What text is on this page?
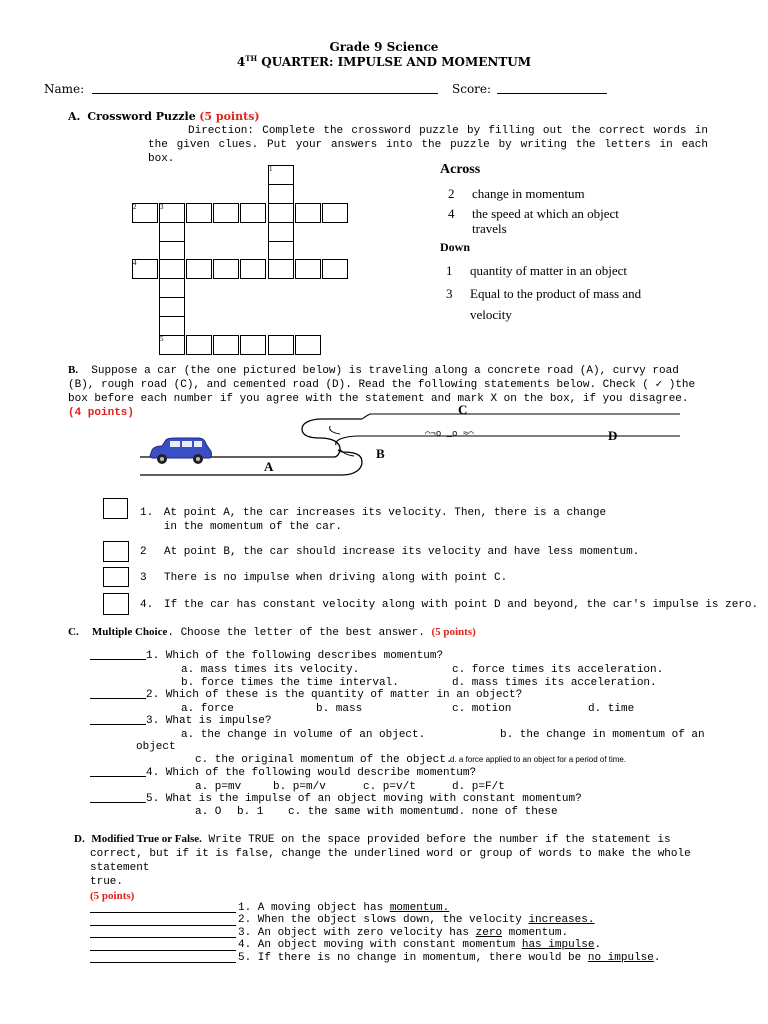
Grade 9 Science
4TH QUARTER: IMPULSE AND MOMENTUM
Name:	Score:
A. Crossword Puzzle (5 points)
Direction: Complete the crossword puzzle by filling out the correct words in the given clues. Put your answers into the puzzle by writing the letters in each box.
1
2	3
4
5
Across
2	change in momentum
4	the speed at which an object travels
Down
1	quantity of matter in an object
3	Equal to the product of mass and velocity
B. Suppose a car (the one pictured below) is traveling along a concrete road (A), curvy road (B), rough road (C), and cemented road (D). Read the following statements below. Check ( ✓ )the box before each number if you agree with the statement and mark X on the box, if you disagree. (4 points)
⌒¬o _o ≈⌒
A
B
C
D
1. At point A, the car increases its velocity. Then, there is a change in the momentum of the car.
2	At point B, the car should increase its velocity and have less momentum.
3	There is no impulse when driving along with point C.
4. If the car has constant velocity along with point D and beyond, the car's impulse is zero.
C. Multiple Choice. Choose the letter of the best answer. (5 points)
1. Which of the following describes momentum?
a. mass times its velocity.
b. force times the time interval.
c. force times its acceleration.
d. mass times its acceleration.
2. Which of these is the quantity of matter in an object?
a. force	b. mass	c. motion	d. time
3. What is impulse?
a. the change in volume of an object.	b. the change in momentum of an
object
c. the original momentum of the object.
d. a force applied to an object for a period of time.
4. Which of the following would describe momentum?
a. p=mv	b. p=m/v	c. p=v/t	d. p=F/t
5. What is the impulse of an object moving with constant momentum?
a. O b. 1 c. the same with momentum
d. none of these
D. Modified True or False. Write TRUE on the space provided before the number if the statement is
correct, but if it is false, change the underlined word or group of words to make the whole statement
true.
(5 points)
1. A moving object has momentum.
2. When the object slows down, the velocity increases.
3. An object with zero velocity has zero momentum.
4. An object moving with constant momentum has impulse.
5. If there is no change in momentum, there would be no impulse.
